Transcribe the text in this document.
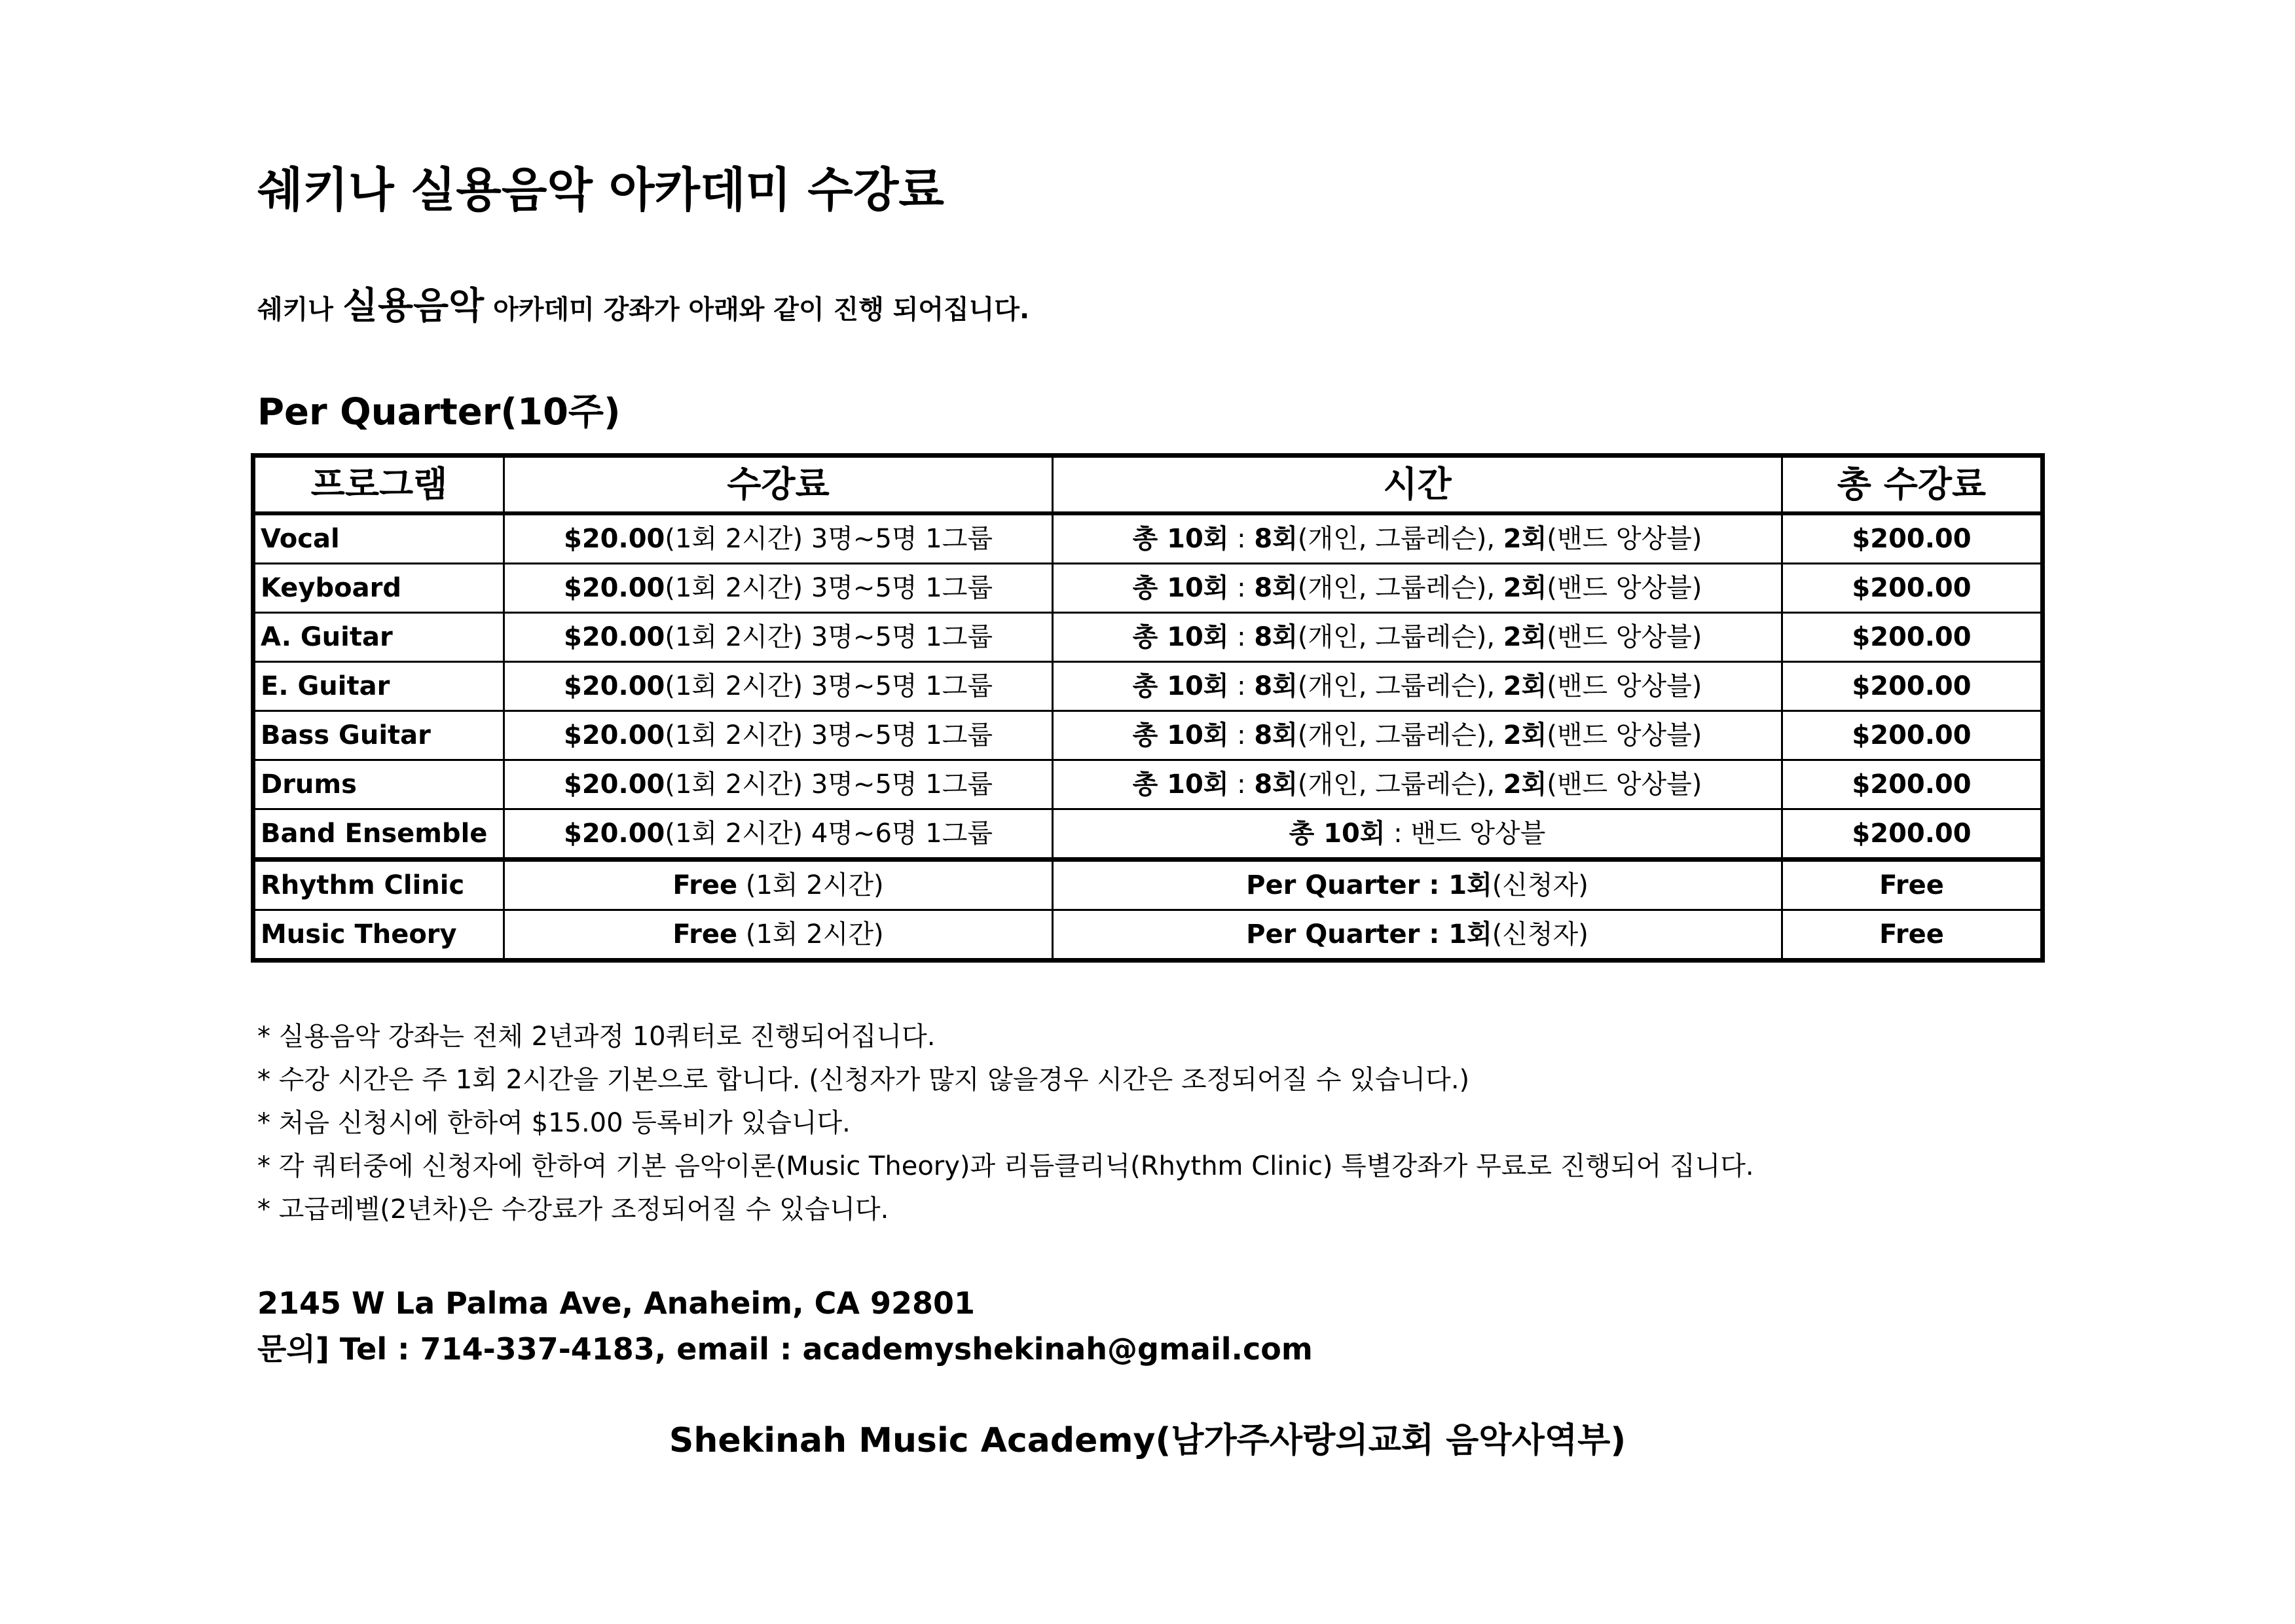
쉐키나 실용음악 아카데미 수강료
쉐키나 실용음악 아카데미 강좌가 아래와 같이 진행 되어집니다.
Per Quarter(10주)
프로그램	수강료	시간	총 수강료
Vocal	$20.00(1회 2시간) 3명~5명 1그룹	총 10회 : 8회(개인, 그룹레슨), 2회(밴드 앙상블)	$200.00
Keyboard	$20.00(1회 2시간) 3명~5명 1그룹	총 10회 : 8회(개인, 그룹레슨), 2회(밴드 앙상블)	$200.00
A. Guitar	$20.00(1회 2시간) 3명~5명 1그룹	총 10회 : 8회(개인, 그룹레슨), 2회(밴드 앙상블)	$200.00
E. Guitar	$20.00(1회 2시간) 3명~5명 1그룹	총 10회 : 8회(개인, 그룹레슨), 2회(밴드 앙상블)	$200.00
Bass Guitar	$20.00(1회 2시간) 3명~5명 1그룹	총 10회 : 8회(개인, 그룹레슨), 2회(밴드 앙상블)	$200.00
Drums	$20.00(1회 2시간) 3명~5명 1그룹	총 10회 : 8회(개인, 그룹레슨), 2회(밴드 앙상블)	$200.00
Band Ensemble	$20.00(1회 2시간) 4명~6명 1그룹	총 10회 : 밴드 앙상블	$200.00
Rhythm Clinic	Free (1회 2시간)	Per Quarter : 1회(신청자)	Free
Music Theory	Free (1회 2시간)	Per Quarter : 1회(신청자)	Free
* 실용음악 강좌는 전체 2년과정 10쿼터로 진행되어집니다.
* 수강 시간은 주 1회 2시간을 기본으로 합니다. (신청자가 많지 않을경우 시간은 조정되어질 수 있습니다.)
* 처음 신청시에 한하여 $15.00 등록비가 있습니다.
* 각 쿼터중에 신청자에 한하여 기본 음악이론(Music Theory)과 리듬클리닉(Rhythm Clinic) 특별강좌가 무료로 진행되어 집니다.
* 고급레벨(2년차)은 수강료가 조정되어질 수 있습니다.
2145 W La Palma Ave, Anaheim, CA 92801
문의] Tel : 714-337-4183, email : academyshekinah@gmail.com
Shekinah Music Academy(남가주사랑의교회 음악사역부)
